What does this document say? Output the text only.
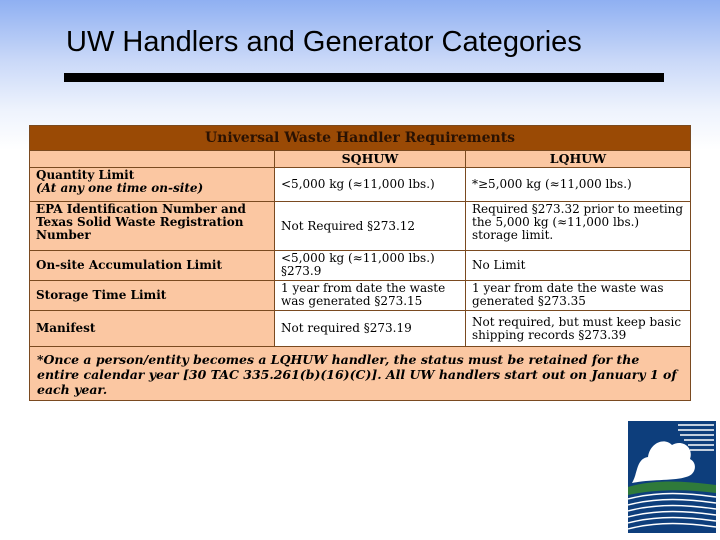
UW Handlers and Generator Categories
Universal Waste Handler Requirements		
	SQHUW	LQHUW
Quantity Limit
(At any one time on-site)	<5,000 kg (≈11,000 lbs.)	*≥5,000 kg (≈11,000 lbs.)
EPA Identification Number and Texas Solid Waste Registration Number	Not Required §273.12	Required §273.32 prior to meeting the 5,000 kg (≈11,000 lbs.) storage limit.
On-site Accumulation Limit	<5,000 kg (≈11,000 lbs.) §273.9	No Limit
Storage Time Limit	1 year from date the waste was generated §273.15	1 year from date the waste was generated §273.35
Manifest	Not required §273.19	Not required, but must keep basic shipping records §273.39
*Once a person/entity becomes a LQHUW handler, the status must be retained for the entire calendar year [30 TAC 335.261(b)(16)(C)]. All UW handlers start out on January 1 of each year.		
